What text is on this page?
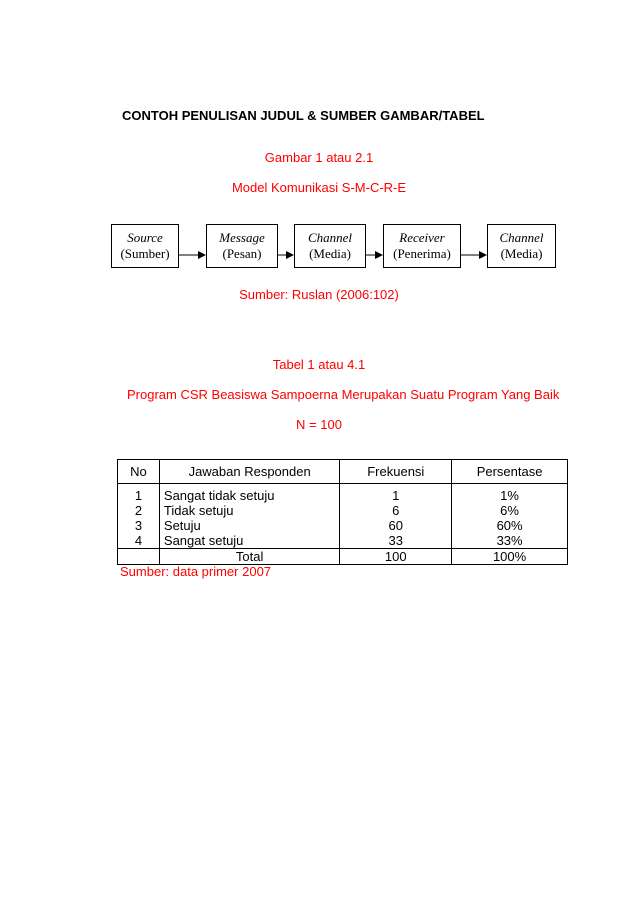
CONTOH PENULISAN JUDUL & SUMBER GAMBAR/TABEL
Gambar 1 atau 2.1
Model Komunikasi S-M-C-R-E
Source
(Sumber)
Message
(Pesan)
Channel
(Media)
Receiver
(Penerima)
Channel
(Media)
Sumber: Ruslan (2006:102)
Tabel 1 atau 4.1
Program CSR Beasiswa Sampoerna Merupakan Suatu Program Yang Baik
N = 100
No	Jawaban Responden	Frekuensi	Persentase
1	Sangat tidak setuju	1	1%
2	Tidak setuju	6	6%
3	Setuju	60	60%
4	Sangat setuju	33	33%
	Total	100	100%
Sumber: data primer 2007
